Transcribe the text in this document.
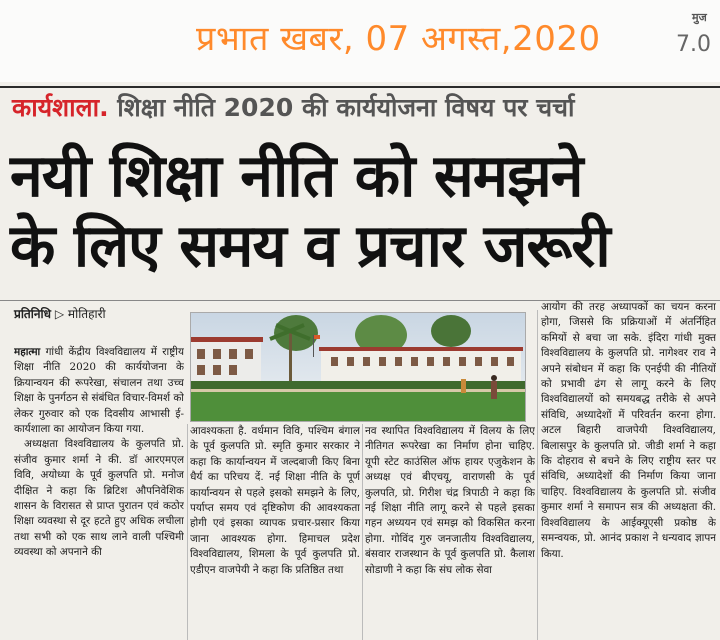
प्रभात खबर, 07 अगस्त,2020
मुज
7.0
कार्यशाला. शिक्षा नीति 2020 की कार्ययोजना विषय पर चर्चा
नयी शिक्षा नीति को समझने
के लिए समय व प्रचार जरूरी
प्रतिनिधि ▷ मोतिहारी

महात्मा गांधी केंद्रीय विश्वविद्यालय में राष्ट्रीय शिक्षा नीति 2020 की कार्ययोजना के क्रियान्वयन की रूपरेखा, संचालन तथा उच्च शिक्षा के पुनर्गठन से संबंधित विचार-विमर्श को लेकर गुरुवार को एक दिवसीय आभासी ई-कार्यशाला का आयोजन किया गया.

अध्यक्षता विश्वविद्यालय के कुलपति प्रो. संजीव कुमार शर्मा ने की. डॉ आरएमएल विवि, अयोध्या के पूर्व कुलपति प्रो. मनोज दीक्षित ने कहा कि ब्रिटिश औपनिवेशिक शासन के विरासत से प्राप्त पुरातन एवं कठोर शिक्षा व्यवस्था से दूर हटते हुए अधिक लचीला तथा सभी को एक साथ लाने वाली पश्चिमी व्यवस्था को अपनाने की

आवश्यकता है. वर्धमान विवि, पश्चिम बंगाल के पूर्व कुलपति प्रो. स्मृति कुमार सरकार ने कहा कि कार्यान्वयन में जल्दबाजी किए बिना धैर्य का परिचय दें. नई शिक्षा नीति के पूर्ण कार्यान्वयन से पहले इसको समझने के लिए, पर्याप्त समय एवं दृष्टिकोण की आवश्यकता होगी एवं इसका व्यापक प्रचार-प्रसार किया जाना आवश्यक होगा. हिमाचल प्रदेश विश्वविद्यालय, शिमला के पूर्व कुलपति प्रो. एडीएन वाजपेयी ने कहा कि प्रतिष्ठित तथा
नव स्थापित विश्वविद्यालय में विलय के लिए नीतिगत रूपरेखा का निर्माण होना चाहिए. यूपी स्टेट काउंसिल ऑफ हायर एजुकेशन के अध्यक्ष एवं बीएचयू, वाराणसी के पूर्व कुलपति, प्रो. गिरीश चंद्र त्रिपाठी ने कहा कि नई शिक्षा नीति लागू करने से पहले इसका गहन अध्ययन एवं समझ को विकसित करना होगा. गोविंद गुरु जनजातीय विश्वविद्यालय, बंसवार राजस्थान के पूर्व कुलपति प्रो. कैलाश सोडाणी ने कहा कि संघ लोक सेवा
आयोग की तरह अध्यापकों का चयन करना होगा, जिससे कि प्रक्रियाओं में अंतर्निहित कमियों से बचा जा सके. इंदिरा गांधी मुक्त विश्वविद्यालय के कुलपति प्रो. नागेश्वर राव ने अपने संबोधन में कहा कि एनईपी की नीतियों को प्रभावी ढंग से लागू करने के लिए विश्वविद्यालयों को समयबद्ध तरीके से अपने संविधि, अध्यादेशों में परिवर्तन करना होगा. अटल बिहारी वाजपेयी विश्वविद्यालय, बिलासपुर के कुलपति प्रो. जीडी शर्मा ने कहा कि दोहराव से बचने के लिए राष्ट्रीय स्तर पर संविधि, अध्यादेशों की निर्माण किया जाना चाहिए. विश्वविद्यालय के कुलपति प्रो. संजीव कुमार शर्मा ने समापन सत्र की अध्यक्षता की. विश्वविद्यालय के आईक्यूएसी प्रकोष्ठ के समन्वयक, प्रो. आनंद प्रकाश ने धन्यवाद ज्ञापन किया.
